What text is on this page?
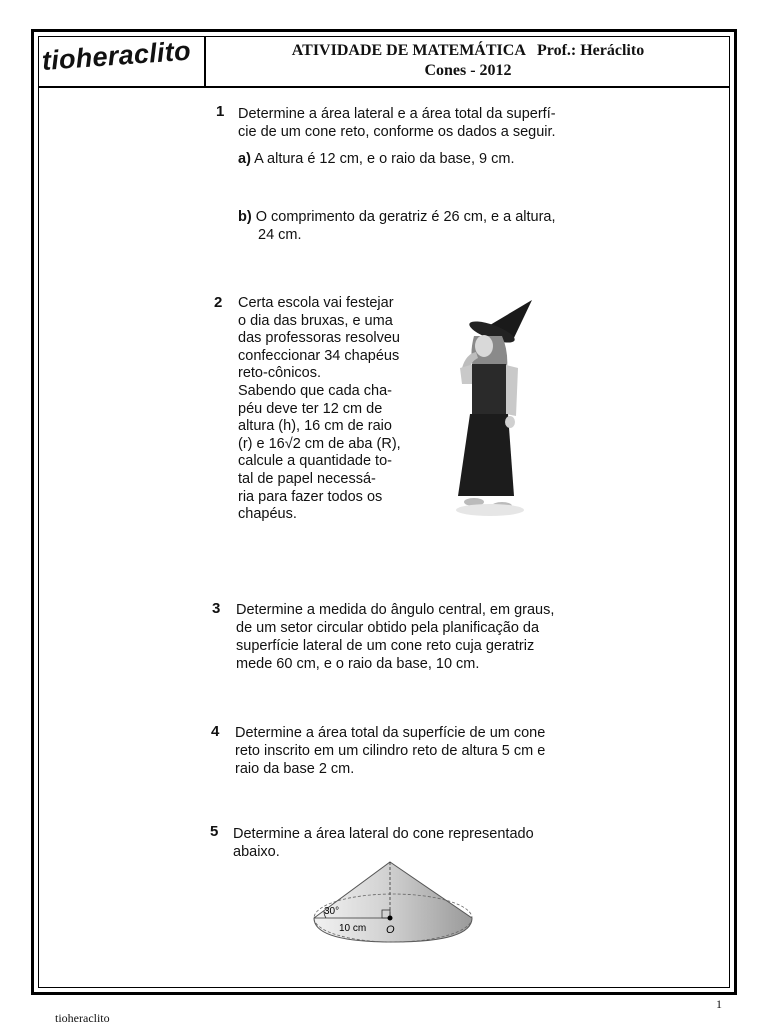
tioheraclito	ATIVIDADE DE MATEMÁTICA   Prof.: Heráclito
Cones - 2012
1 Determine a área lateral e a área total da superfí-
cie de um cone reto, conforme os dados a seguir.
a) A altura é 12 cm, e o raio da base, 9 cm.
b) O comprimento da geratriz é 26 cm, e a altura,
24 cm.
2 Certa escola vai festejar
o dia das bruxas, e uma
das professoras resolveu
confeccionar 34 chapéus
reto-cônicos.
Sabendo que cada cha-
péu deve ter 12 cm de
altura (h), 16 cm de raio
(r) e 16√2 cm de aba (R),
calcule a quantidade to-
tal de papel necessá-
ria para fazer todos os
chapéus.
3 Determine a medida do ângulo central, em graus,
de um setor circular obtido pela planificação da
superfície lateral de um cone reto cuja geratriz
mede 60 cm, e o raio da base, 10 cm.
4 Determine a área total da superfície de um cone
reto inscrito em um cilindro reto de altura 5 cm e
raio da base 2 cm.
5 Determine a área lateral do cone representado
abaixo.
30°
10 cm O
1
tioheraclito
